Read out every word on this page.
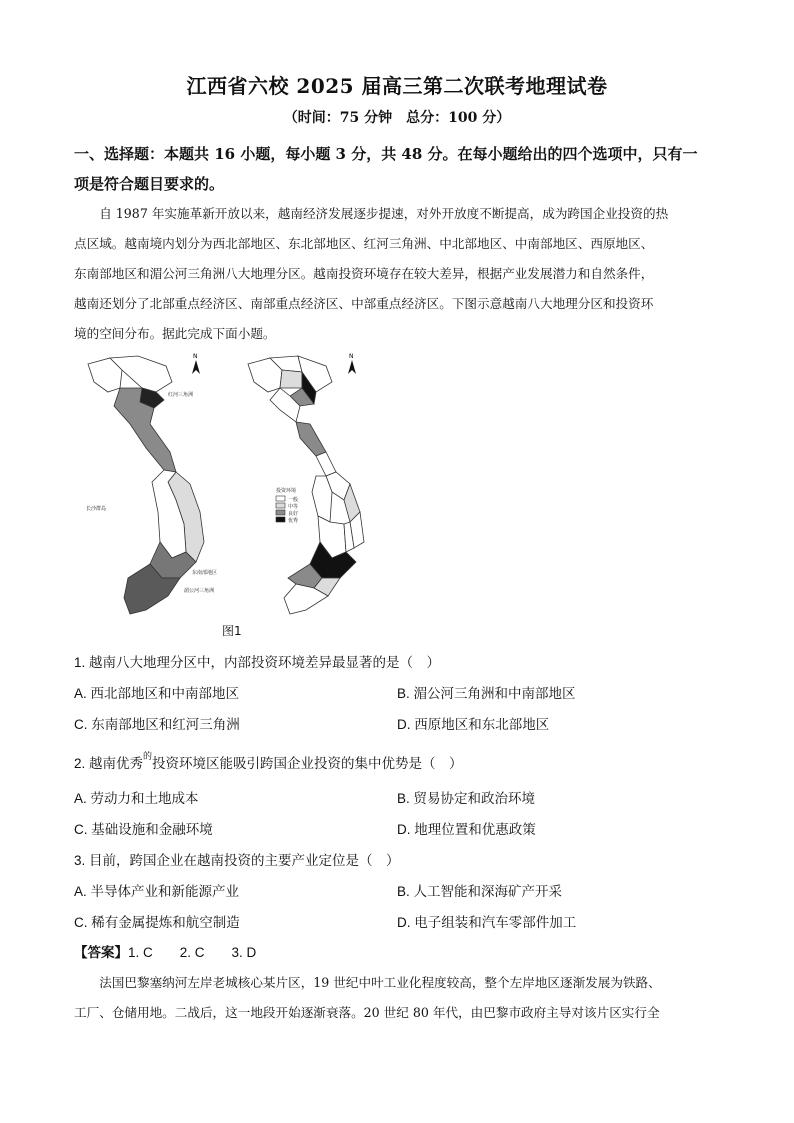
江西省六校 2025 届高三第二次联考地理试卷
（时间：75 分钟　总分：100 分）
一、选择题：本题共 16 小题，每小题 3 分，共 48 分。在每小题给出的四个选项中，只有一
项是符合题目要求的。
自 1987 年实施革新开放以来，越南经济发展逐步提速，对外开放度不断提高，成为跨国企业投资的热
点区域。越南境内划分为西北部地区、东北部地区、红河三角洲、中北部地区、中南部地区、西原地区、
东南部地区和湄公河三角洲八大地理分区。越南投资环境存在较大差异，根据产业发展潜力和自然条件，
越南还划分了北部重点经济区、南部重点经济区、中部重点经济区。下图示意越南八大地理分区和投资环
境的空间分布。据此完成下面小题。
红河三角洲
东南部地区
湄公河三角洲
长沙群岛
N	N
投资环境
一般
中等
良好
优秀
图1
1. 越南八大地理分区中，内部投资环境差异最显著的是（　）
A. 西北部地区和中南部地区	B. 湄公河三角洲和中南部地区
C. 东南部地区和红河三角洲	D. 西原地区和东北部地区
2. 越南优秀$^的$投资环境区能吸引跨国企业投资的集中优势是（　）
A. 劳动力和土地成本	B. 贸易协定和政治环境
C. 基础设施和金融环境	D. 地理位置和优惠政策
3. 目前，跨国企业在越南投资的主要产业定位是（　）
A. 半导体产业和新能源产业	B. 人工智能和深海矿产开采
C. 稀有金属提炼和航空制造	D. 电子组装和汽车零部件加工
【答案】1. C　　2. C　　3. D
法国巴黎塞纳河左岸老城核心某片区，19 世纪中叶工业化程度较高，整个左岸地区逐渐发展为铁路、
工厂、仓储用地。二战后，这一地段开始逐渐衰落。20 世纪 80 年代，由巴黎市政府主导对该片区实行全
